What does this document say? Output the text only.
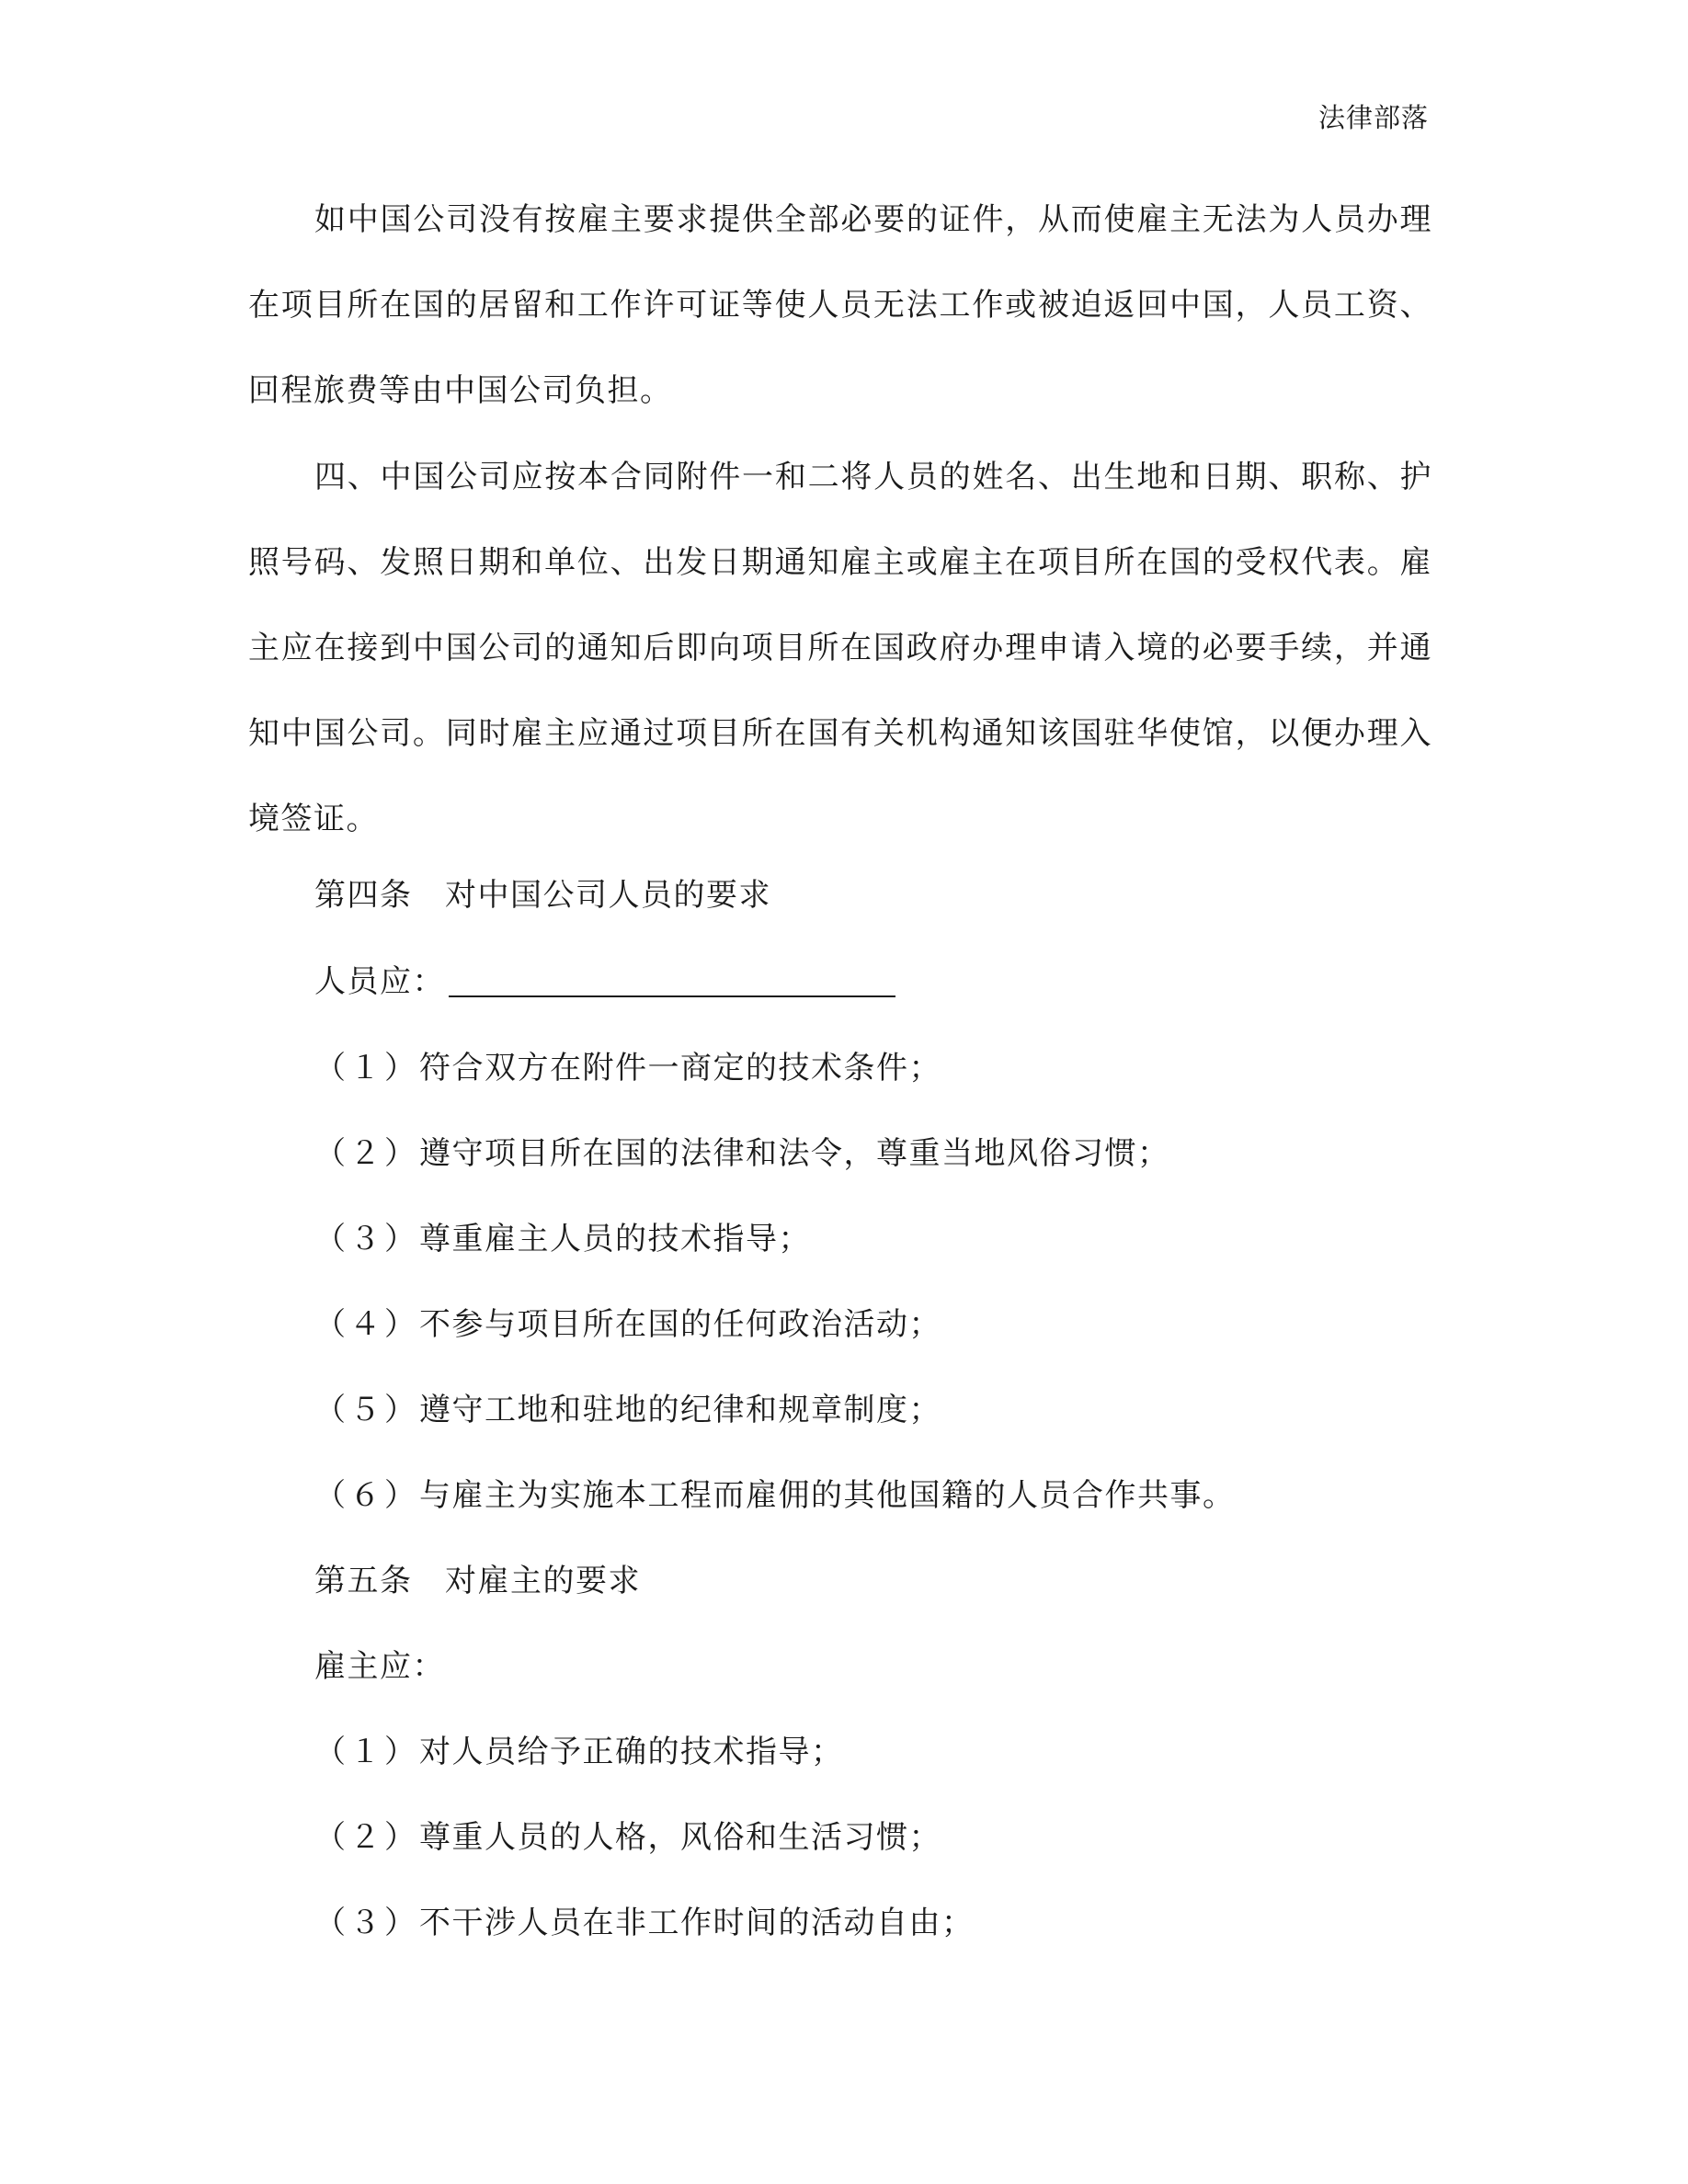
法律部落

如中国公司没有按雇主要求提供全部必要的证件，从而使雇主无法为人员办理在项目所在国的居留和工作许可证等使人员无法工作或被迫返回中国，人员工资、回程旅费等由中国公司负担。

四、中国公司应按本合同附件一和二将人员的姓名、出生地和日期、职称、护照号码、发照日期和单位、出发日期通知雇主或雇主在项目所在国的受权代表。雇主应在接到中国公司的通知后即向项目所在国政府办理申请入境的必要手续，并通知中国公司。同时雇主应通过项目所在国有关机构通知该国驻华使馆，以便办理入境签证。

第四条　对中国公司人员的要求
人员应：
（１）符合双方在附件一商定的技术条件；
（２）遵守项目所在国的法律和法令，尊重当地风俗习惯；
（３）尊重雇主人员的技术指导；
（４）不参与项目所在国的任何政治活动；
（５）遵守工地和驻地的纪律和规章制度；
（６）与雇主为实施本工程而雇佣的其他国籍的人员合作共事。
第五条　对雇主的要求
雇主应：
（１）对人员给予正确的技术指导；
（２）尊重人员的人格，风俗和生活习惯；
（３）不干涉人员在非工作时间的活动自由；
